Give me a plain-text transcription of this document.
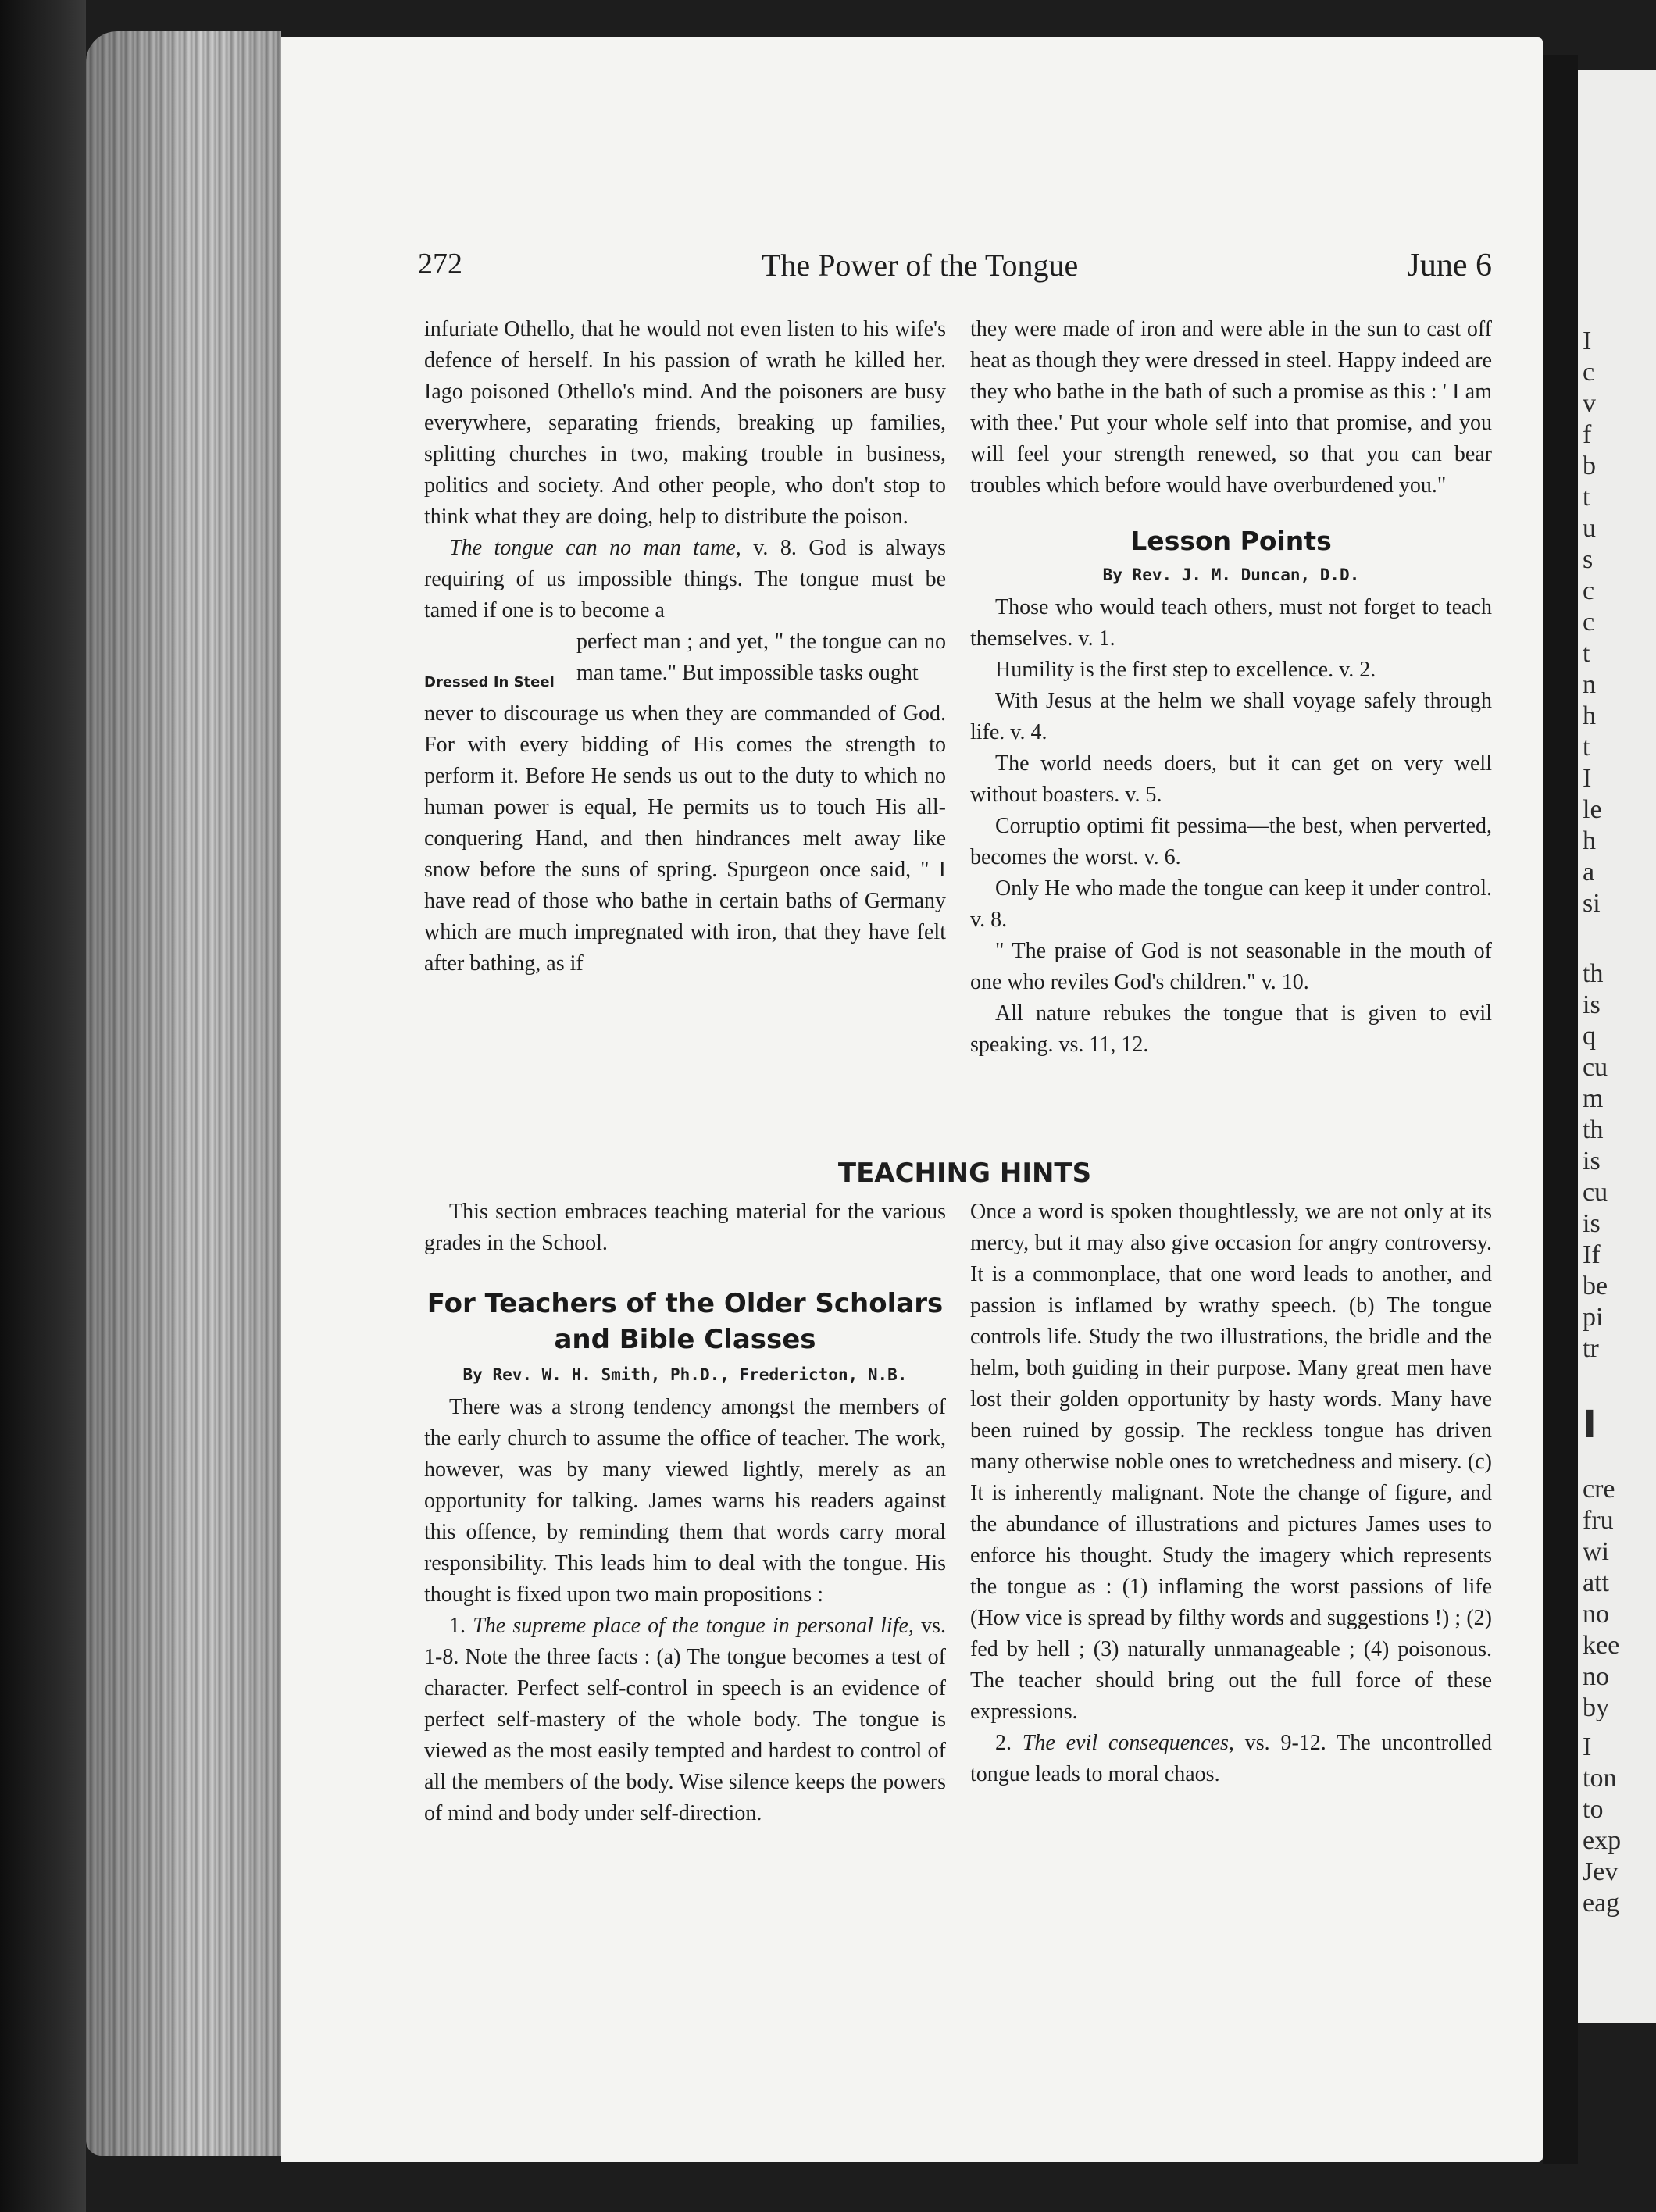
I
c
v
f
b
t
u
s
c
c
t
n
h
t
I
le
h
a
si
th
is
q
cu
m
th
is
cu
is
If
be
pi
tr
I
cre
fru
wi
att
no
kee
no
by
I
ton
to
exp
Jev
eag
272	The Power of the Tongue	June 6

infuriate Othello, that he would not even listen to his wife's defence of herself. In his passion of wrath he killed her. Iago poisoned Othello's mind. And the poisoners are busy everywhere, separating friends, breaking up families, splitting churches in two, making trouble in business, politics and society. And other people, who don't stop to think what they are doing, help to distribute the poison.

The tongue can no man tame, v. 8. God is always requiring of us impossible things. The tongue must be tamed if one is to become a

Dressed In Steel
perfect man ; and yet, " the tongue can no man tame." But impossible tasks ought

never to discourage us when they are commanded of God. For with every bidding of His comes the strength to perform it. Before He sends us out to the duty to which no human power is equal, He permits us to touch His all-conquering Hand, and then hindrances melt away like snow before the suns of spring. Spurgeon once said, " I have read of those who bathe in certain baths of Germany which are much impregnated with iron, that they have felt after bathing, as if

they were made of iron and were able in the sun to cast off heat as though they were dressed in steel. Happy indeed are they who bathe in the bath of such a promise as this : ' I am with thee.' Put your whole self into that promise, and you will feel your strength renewed, so that you can bear troubles which before would have overburdened you."

Lesson Points
By Rev. J. M. Duncan, D.D.

Those who would teach others, must not forget to teach themselves. v. 1.

Humility is the first step to excellence. v. 2.

With Jesus at the helm we shall voyage safely through life. v. 4.

The world needs doers, but it can get on very well without boasters. v. 5.

Corruptio optimi fit pessima—the best, when perverted, becomes the worst. v. 6.

Only He who made the tongue can keep it under control. v. 8.

" The praise of God is not seasonable in the mouth of one who reviles God's children." v. 10.

All nature rebukes the tongue that is given to evil speaking. vs. 11, 12.

TEACHING HINTS

This section embraces teaching material for the various grades in the School.

For Teachers of the Older Scholars and Bible Classes
By Rev. W. H. Smith, Ph.D., Fredericton, N.B.

There was a strong tendency amongst the members of the early church to assume the office of teacher. The work, however, was by many viewed lightly, merely as an opportunity for talking. James warns his readers against this offence, by reminding them that words carry moral responsibility. This leads him to deal with the tongue. His thought is fixed upon two main propositions :

1. The supreme place of the tongue in personal life, vs. 1-8. Note the three facts : (a) The tongue becomes a test of character. Perfect self-control in speech is an evidence of perfect self-mastery of the whole body. The tongue is viewed as the most easily tempted and hardest to control of all the members of the body. Wise silence keeps the powers of mind and body under self-direction.

Once a word is spoken thoughtlessly, we are not only at its mercy, but it may also give occasion for angry controversy. It is a commonplace, that one word leads to another, and passion is inflamed by wrathy speech. (b) The tongue controls life. Study the two illustrations, the bridle and the helm, both guiding in their purpose. Many great men have lost their golden opportunity by hasty words. Many have been ruined by gossip. The reckless tongue has driven many otherwise noble ones to wretchedness and misery. (c) It is inherently malignant. Note the change of figure, and the abundance of illustrations and pictures James uses to enforce his thought. Study the imagery which represents the tongue as : (1) inflaming the worst passions of life (How vice is spread by filthy words and suggestions !) ; (2) fed by hell ; (3) naturally unmanageable ; (4) poisonous. The teacher should bring out the full force of these expressions.

2. The evil consequences, vs. 9-12. The uncontrolled tongue leads to moral chaos.
